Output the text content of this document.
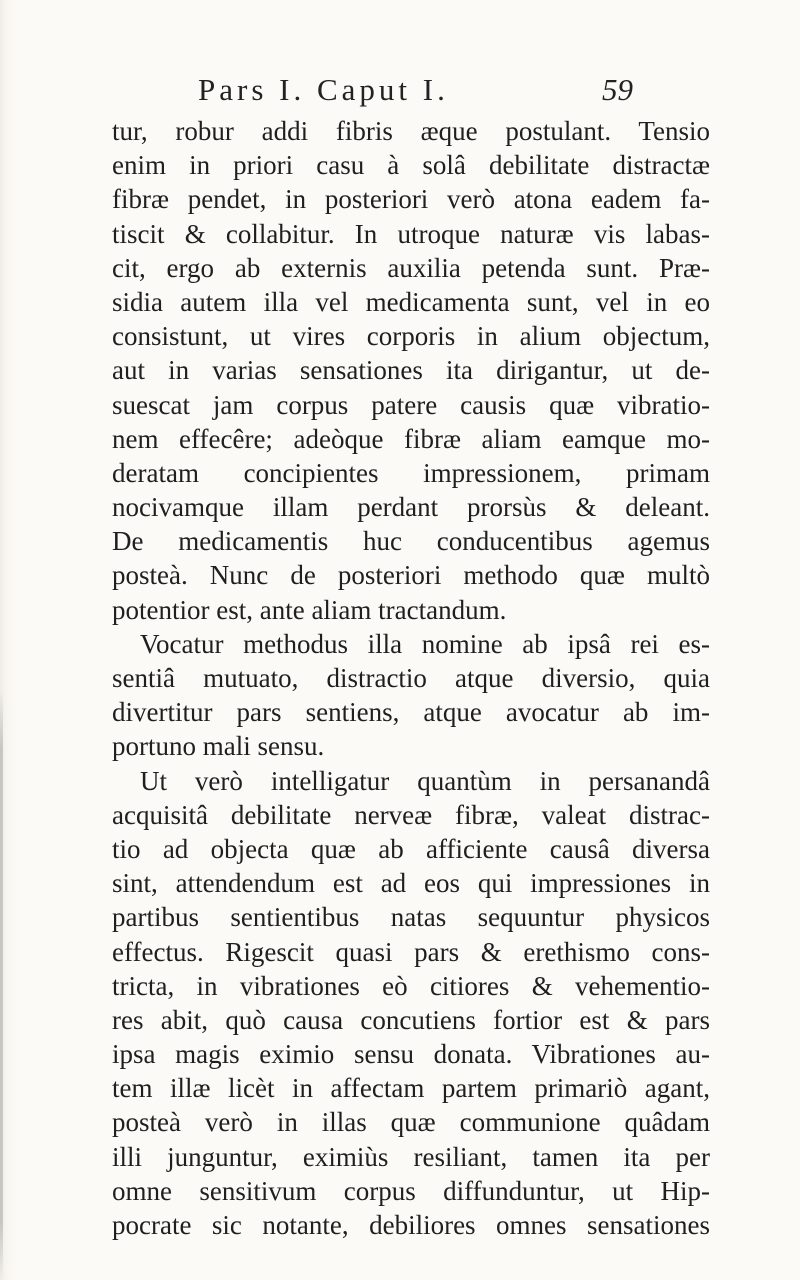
Pars I. Caput I.	59
tur, robur addi fibris æque postulant. Tensio
enim in priori casu à solâ debilitate distractæ
fibræ pendet, in posteriori verò atona eadem fa-
tiscit & collabitur. In utroque naturæ vis labas-
cit, ergo ab externis auxilia petenda sunt. Præ-
sidia autem illa vel medicamenta sunt, vel in eo
consistunt, ut vires corporis in alium objectum,
aut in varias sensationes ita dirigantur, ut de-
suescat jam corpus patere causis quæ vibratio-
nem effecêre; adeòque fibræ aliam eamque mo-
deratam concipientes impressionem, primam
nocivamque illam perdant prorsùs & deleant.
De medicamentis huc conducentibus agemus
posteà. Nunc de posteriori methodo quæ multò
potentior est, ante aliam tractandum.
Vocatur methodus illa nomine ab ipsâ rei es-
sentiâ mutuato, distractio atque diversio, quia
divertitur pars sentiens, atque avocatur ab im-
portuno mali sensu.
Ut verò intelligatur quantùm in persanandâ
acquisitâ debilitate nerveæ fibræ, valeat distrac-
tio ad objecta quæ ab afficiente causâ diversa
sint, attendendum est ad eos qui impressiones in
partibus sentientibus natas sequuntur physicos
effectus. Rigescit quasi pars & erethismo cons-
tricta, in vibrationes eò citiores & vehementio-
res abit, quò causa concutiens fortior est & pars
ipsa magis eximio sensu donata. Vibrationes au-
tem illæ licèt in affectam partem primariò agant,
posteà verò in illas quæ communione quâdam
illi junguntur, eximiùs resiliant, tamen ita per
omne sensitivum corpus diffunduntur, ut Hip-
pocrate sic notante, debiliores omnes sensationes
